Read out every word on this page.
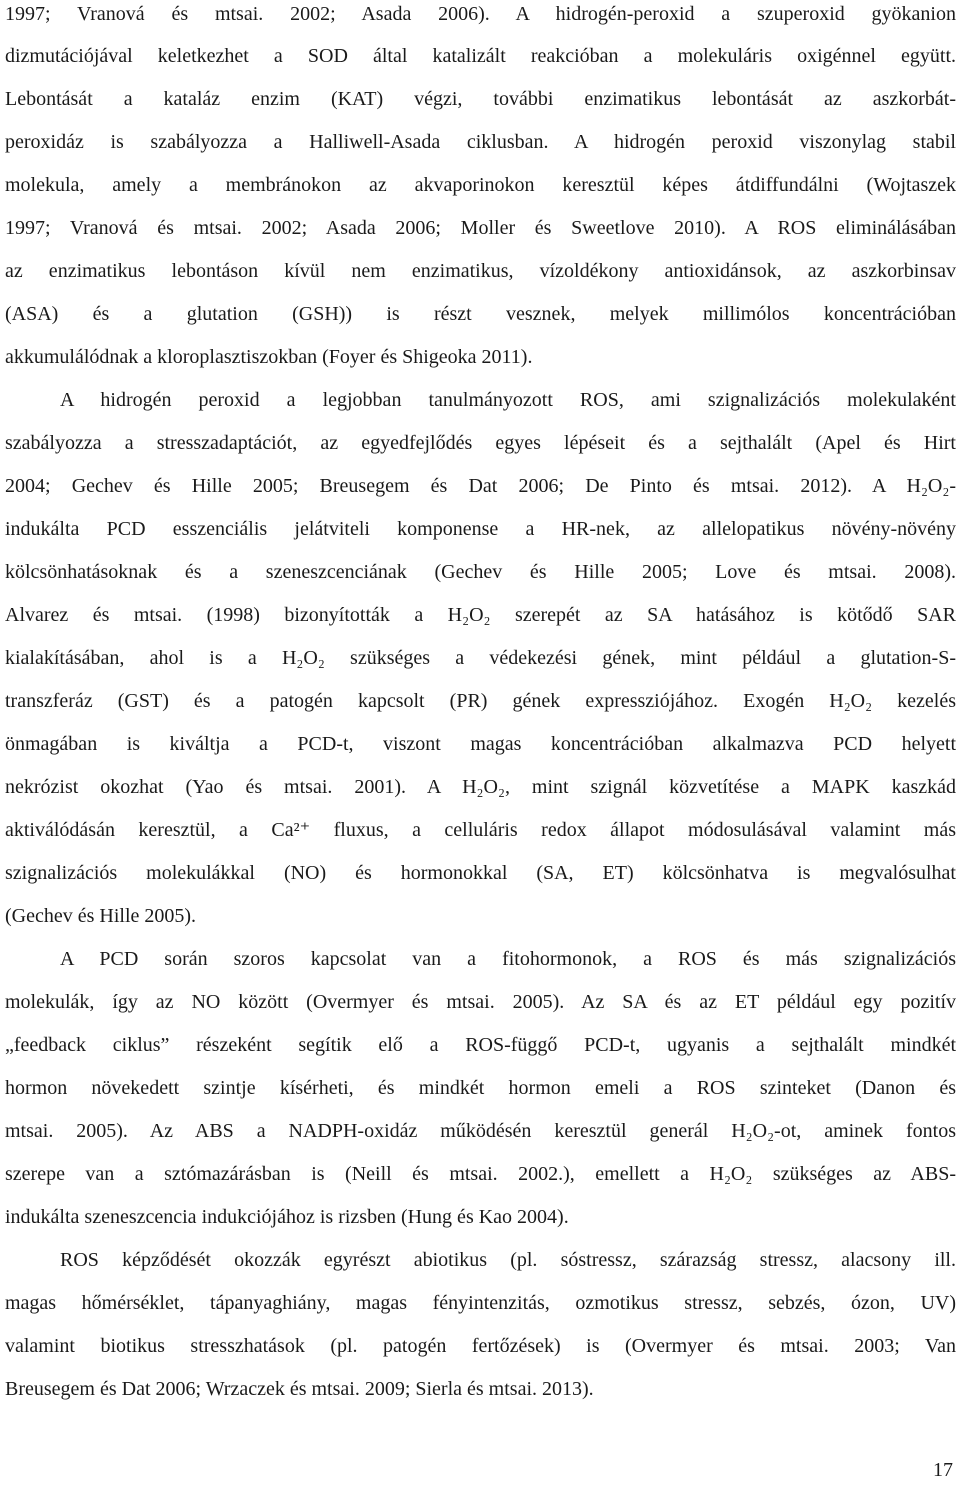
1997; Vranová és mtsai. 2002; Asada 2006). A hidrogén-peroxid a szuperoxid gyökanion
dizmutációjával keletkezhet a SOD által katalizált reakcióban a molekuláris oxigénnel együtt.
Lebontását a kataláz enzim (KAT) végzi, további enzimatikus lebontását az aszkorbát-
peroxidáz is szabályozza a Halliwell-Asada ciklusban. A hidrogén peroxid viszonylag stabil
molekula, amely a membránokon az akvaporinokon keresztül képes átdiffundálni (Wojtaszek
1997; Vranová és mtsai. 2002; Asada 2006; Moller és Sweetlove 2010). A ROS eliminálásában
az enzimatikus lebontáson kívül nem enzimatikus, vízoldékony antioxidánsok, az aszkorbinsav
(ASA) és a glutation (GSH)) is részt vesznek, melyek millimólos koncentrációban
akkumulálódnak a kloroplasztiszokban (Foyer és Shigeoka 2011).
A hidrogén peroxid a legjobban tanulmányozott ROS, ami szignalizációs molekulaként
szabályozza a stresszadaptációt, az egyedfejlődés egyes lépéseit és a sejthalált (Apel és Hirt
2004; Gechev és Hille 2005; Breusegem és Dat 2006; De Pinto és mtsai. 2012). A H₂O₂-
indukálta PCD esszenciális jelátviteli komponense a HR-nek, az allelopatikus növény-növény
kölcsönhatásoknak és a szeneszcenciának (Gechev és Hille 2005; Love és mtsai. 2008).
Alvarez és mtsai. (1998) bizonyították a H₂O₂ szerepét az SA hatásához is kötődő SAR
kialakításában, ahol is a H₂O₂ szükséges a védekezési gének, mint például a glutation-S-
transzferáz (GST) és a patogén kapcsolt (PR) gének expressziójához. Exogén H₂O₂ kezelés
önmagában is kiváltja a PCD-t, viszont magas koncentrációban alkalmazva PCD helyett
nekrózist okozhat (Yao és mtsai. 2001). A H₂O₂, mint szignál közvetítése a MAPK kaszkád
aktiválódásán keresztül, a Ca²⁺ fluxus, a celluláris redox állapot módosulásával valamint más
szignalizációs molekulákkal (NO) és hormonokkal (SA, ET) kölcsönhatva is megvalósulhat
(Gechev és Hille 2005).
A PCD során szoros kapcsolat van a fitohormonok, a ROS és más szignalizációs
molekulák, így az NO között (Overmyer és mtsai. 2005). Az SA és az ET például egy pozitív
„feedback ciklus” részeként segítik elő a ROS-függő PCD-t, ugyanis a sejthalált mindkét
hormon növekedett szintje kísérheti, és mindkét hormon emeli a ROS szinteket (Danon és
mtsai. 2005). Az ABS a NADPH-oxidáz működésén keresztül generál H₂O₂-ot, aminek fontos
szerepe van a sztómazárásban is (Neill és mtsai. 2002.), emellett a H₂O₂ szükséges az ABS-
indukálta szeneszcencia indukciójához is rizsben (Hung és Kao 2004).
ROS képződését okozzák egyrészt abiotikus (pl. sóstressz, szárazság stressz, alacsony ill.
magas hőmérséklet, tápanyaghiány, magas fényintenzitás, ozmotikus stressz, sebzés, ózon, UV)
valamint biotikus stresszhatások (pl. patogén fertőzések) is (Overmyer és mtsai. 2003; Van
Breusegem és Dat 2006; Wrzaczek és mtsai. 2009; Sierla és mtsai. 2013).
17
